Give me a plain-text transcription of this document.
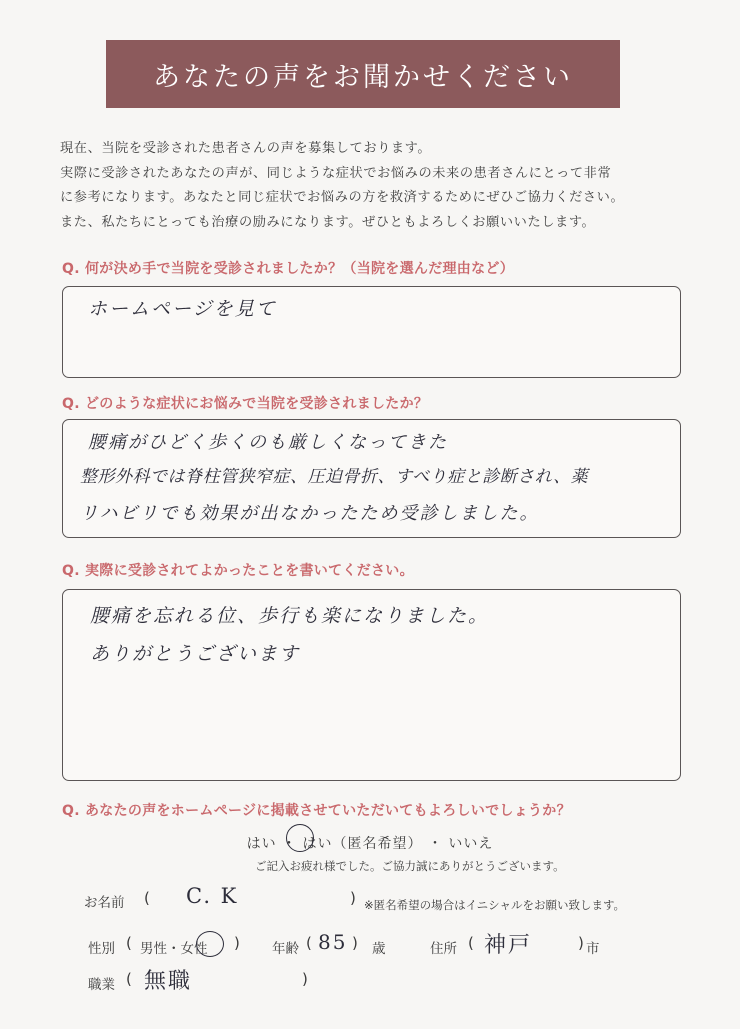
あなたの声をお聞かせください
現在、当院を受診された患者さんの声を募集しております。
実際に受診されたあなたの声が、同じような症状でお悩みの未来の患者さんにとって非常
に参考になります。あなたと同じ症状でお悩みの方を救済するためにぜひご協力ください。
また、私たちにとっても治療の励みになります。ぜひともよろしくお願いいたします。
Q. 何が決め手で当院を受診されましたか？（当院を選んだ理由など）
ホームページを見て
Q. どのような症状にお悩みで当院を受診されましたか？
腰痛がひどく歩くのも厳しくなってきた
整形外科では脊柱管狭窄症、圧迫骨折、すべり症と診断され、薬
リハビリでも効果が出なかったため受診しました。
Q. 実際に受診されてよかったことを書いてください。
腰痛を忘れる位、歩行も楽になりました。
ありがとうございます
Q. あなたの声をホームページに掲載させていただいてもよろしいでしょうか？
はい ・ はい（匿名希望） ・ いいえ
ご記入お疲れ様でした。ご協力誠にありがとうございます。
お名前 ( C. K	) ※匿名希望の場合はイニシャルをお願い致します。
性別 ( 男性・女性 ) 年齢 ( 85 ) 歳	住所 ( 神戸	) 市
職業 ( 無職	)
